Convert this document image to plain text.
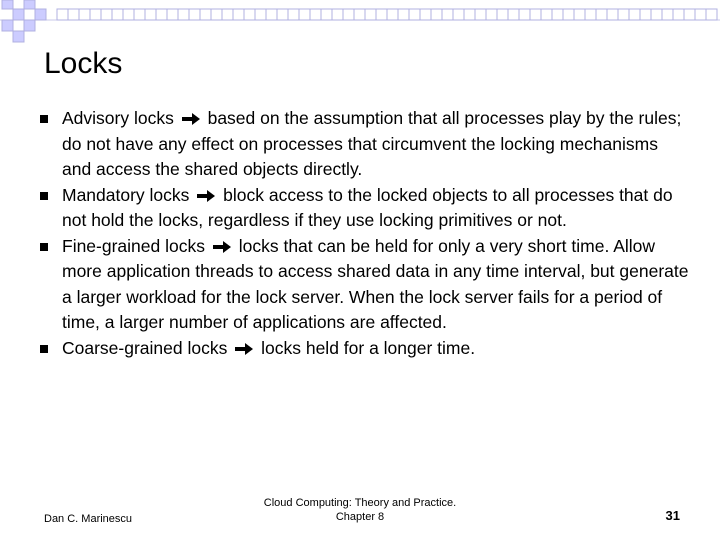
Locks
Advisory locks based on the assumption that all processes play by the rules; do not have any effect on processes that circumvent the locking mechanisms and access the shared objects directly.
Mandatory locks block access to the locked objects to all processes that do not hold the locks, regardless if they use locking primitives or not.
Fine-grained locks locks that can be held for only a very short time. Allow more application threads to access shared data in any time interval, but generate a larger workload for the lock server. When the lock server fails for a period of time, a larger number of applications are affected.
Coarse-grained locks locks held for a longer time.
Dan C. Marinescu
Cloud Computing: Theory and Practice.
Chapter 8	31
